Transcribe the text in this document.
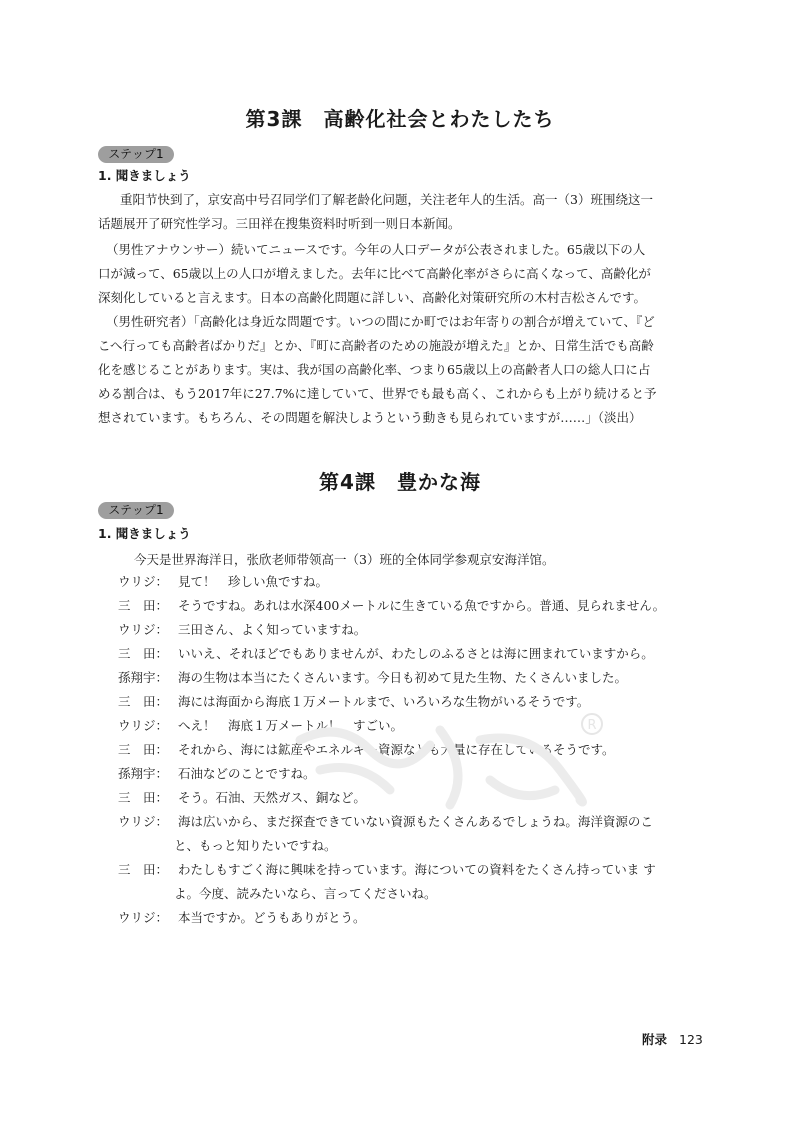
第3課　高齢化社会とわたしたち
ステップ1
1. 聞きましょう
重阳节快到了，京安高中号召同学们了解老龄化问题，关注老年人的生活。高一（3）班围绕这一
话题展开了研究性学习。三田祥在搜集资料时听到一则日本新闻。
（男性アナウンサー）続いてニュースです。今年の人口データが公表されました。65歳以下の人
口が減って、65歳以上の人口が増えました。去年に比べて高齢化率がさらに高くなって、高齢化が
深刻化していると言えます。日本の高齢化問題に詳しい、高齢化対策研究所の木村吉松さんです。
（男性研究者）「高齢化は身近な問題です。いつの間にか町ではお年寄りの割合が増えていて、『ど
こへ行っても高齢者ばかりだ』とか、『町に高齢者のための施設が増えた』とか、日常生活でも高齢
化を感じることがあります。実は、我が国の高齢化率、つまり65歳以上の高齢者人口の総人口に占
める割合は、もう2017年に27.7%に達していて、世界でも最も高く、これからも上がり続けると予
想されています。もちろん、その問題を解決しようという動きも見られていますが……」（淡出）
第4課　豊かな海
ステップ1
1. 聞きましょう
今天是世界海洋日，张欣老师带领高一（3）班的全体同学参观京安海洋馆。
ウリジ： 見て！　珍しい魚ですね。
三　田： そうですね。あれは水深400メートルに生きている魚ですから。普通、見られません。
ウリジ： 三田さん、よく知っていますね。
三　田： いいえ、それほどでもありませんが、わたしのふるさとは海に囲まれていますから。
孫翔宇： 海の生物は本当にたくさんいます。今日も初めて見た生物、たくさんいました。
三　田： 海には海面から海底１万メートルまで、いろいろな生物がいるそうです。
ウリジ： へえ！　海底１万メートル！　すごい。
三　田： それから、海には鉱産やエネルギー資源なども大量に存在しているそうです。
孫翔宇： 石油などのことですね。
三　田： そう。石油、天然ガス、銅など。
ウリジ： 海は広いから、まだ探査できていない資源もたくさんあるでしょうね。海洋資源のこ
と、もっと知りたいですね。
三　田： わたしもすごく海に興味を持っています。海についての資料をたくさん持っていま す
よ。今度、読みたいなら、言ってくださいね。
ウリジ： 本当ですか。どうもありがとう。
R
附录 123
